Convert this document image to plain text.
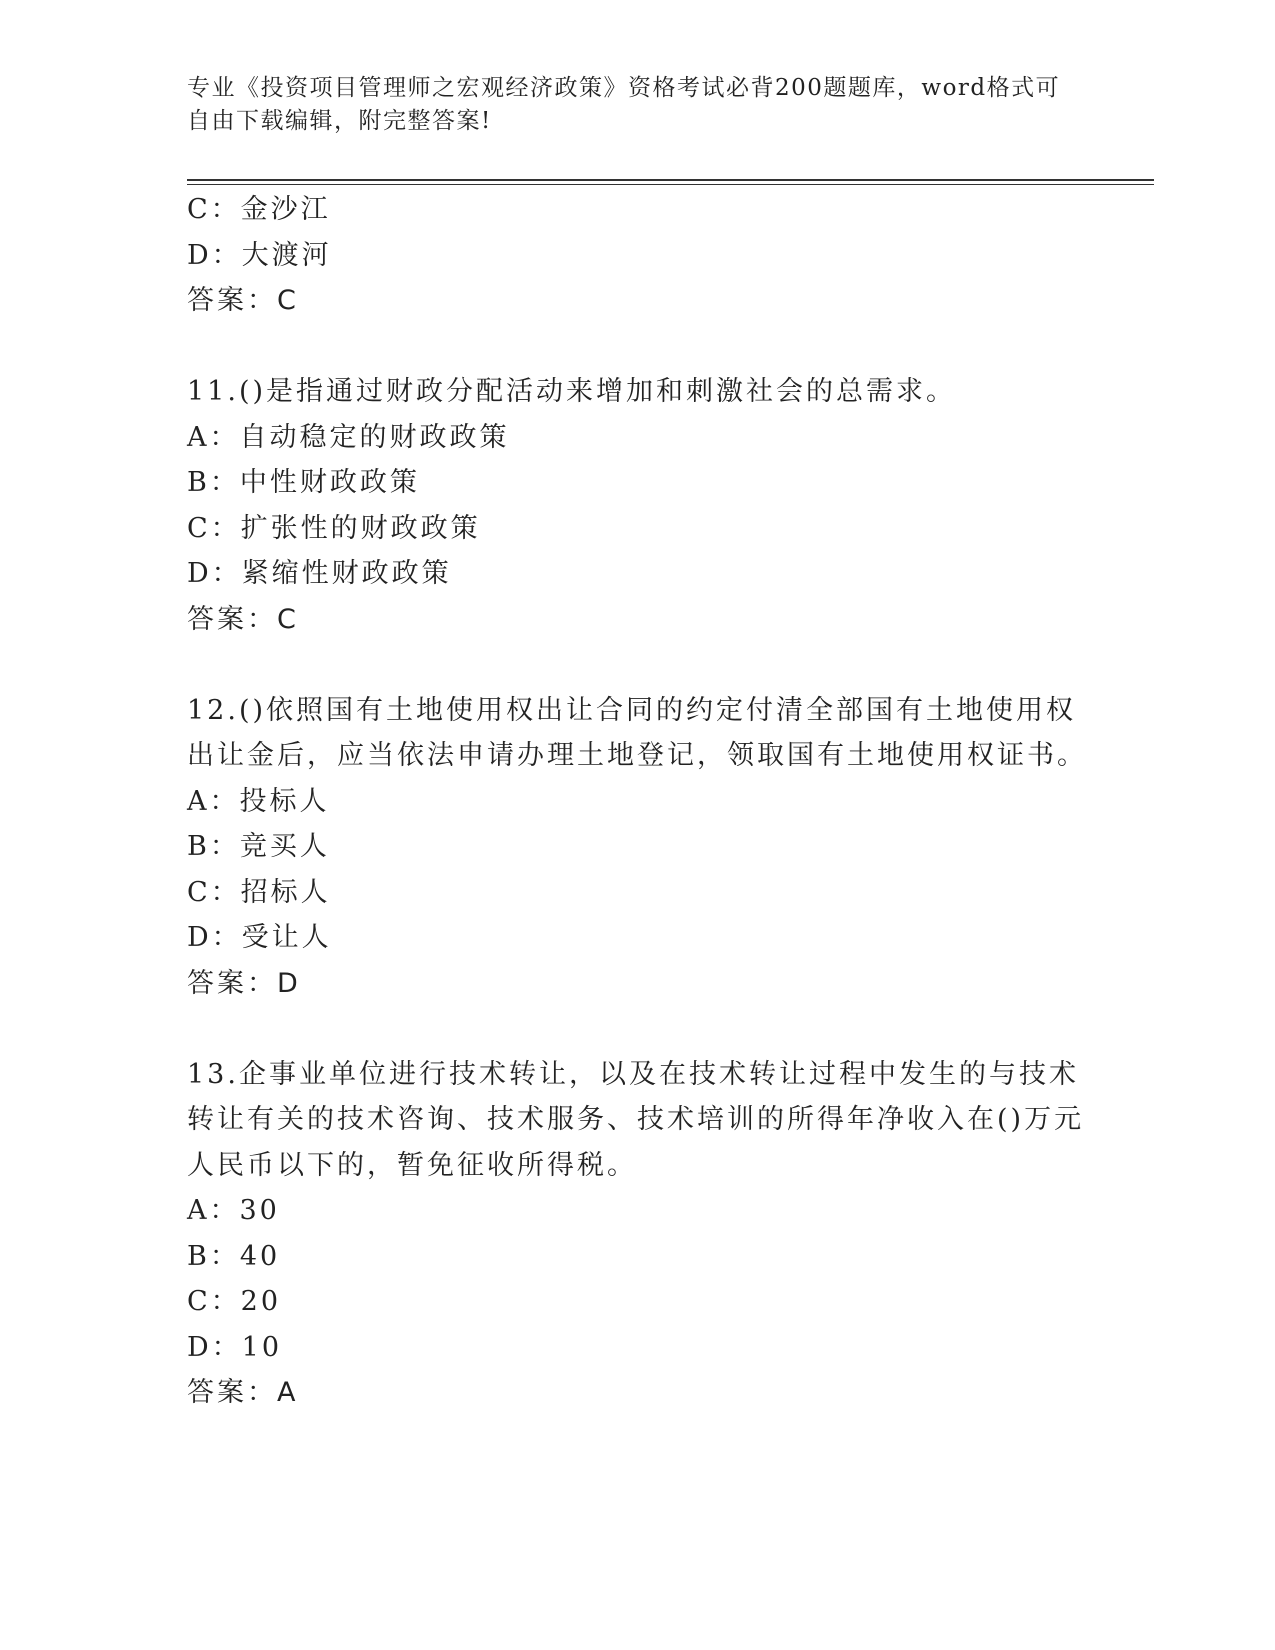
专业《投资项目管理师之宏观经济政策》资格考试必背200题题库，word格式可
自由下载编辑，附完整答案!
C：金沙江
D：大渡河
答案：C
11.()是指通过财政分配活动来增加和刺激社会的总需求。
A：自动稳定的财政政策
B：中性财政政策
C：扩张性的财政政策
D：紧缩性财政政策
答案：C
12.()依照国有土地使用权出让合同的约定付清全部国有土地使用权出让金后，应当依法申请办理土地登记，领取国有土地使用权证书。
A：投标人
B：竞买人
C：招标人
D：受让人
答案：D
13.企事业单位进行技术转让，以及在技术转让过程中发生的与技术转让有关的技术咨询、技术服务、技术培训的所得年净收入在()万元人民币以下的，暂免征收所得税。
A：30
B：40
C：20
D：10
答案：A
